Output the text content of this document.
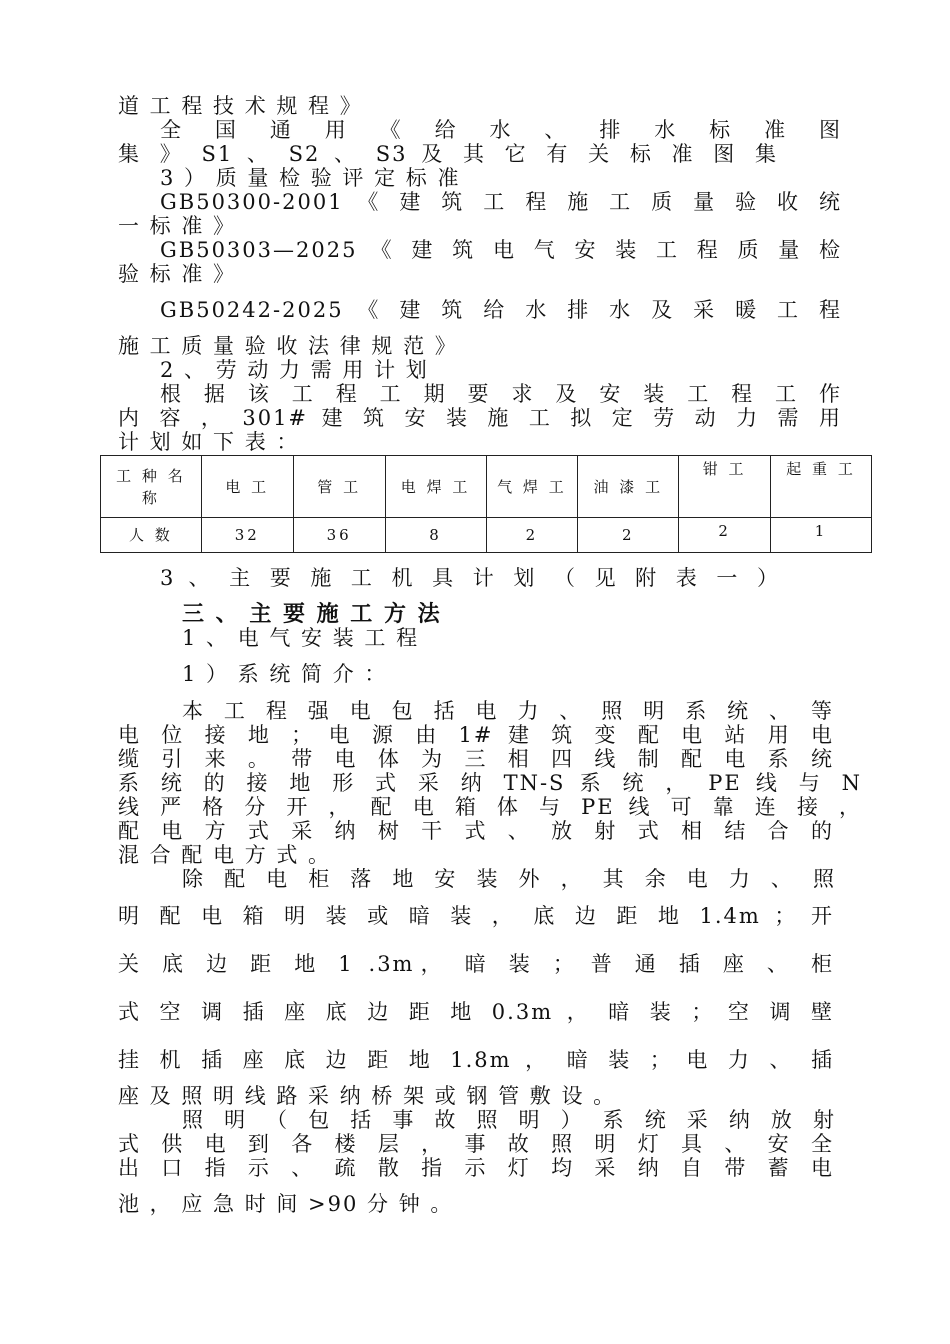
道 工 程 技 术 规 程 》
全 国 通 用 《 给 水 、 排 水 标 准 图
集 》 S1 、 S2 、 S3 及 其 它 有 关 标 准 图 集
3 ） 质 量 检 验 评 定 标 准
GB50300-2001 《 建 筑 工 程 施 工 质 量 验 收 统
一 标 准 》
GB50303—2025 《 建 筑 电 气 安 装 工 程 质 量 检
验 标 准 》
GB50242-2025 《 建 筑 给 水 排 水 及 采 暖 工 程
施 工 质 量 验 收 法 律 规 范 》
2 、 劳 动 力 需 用 计 划
根 据 该 工 程 工 期 要 求 及 安 装 工 程 工 作
内 容 ， 301# 建 筑 安 装 施 工 拟 定 劳 动 力 需 用
计 划 如 下 表 ：
工 种 名 称	电 工	管 工	电 焊 工	气 焊 工	油 漆 工	钳 工	起 重 工
人 数	32	36	8	2	2	2	1
3 、 主 要 施 工 机 具 计 划 （ 见 附 表 一 ）
三 、 主 要 施 工 方 法
1 、 电 气 安 装 工 程
1 ） 系 统 简 介 ：
本 工 程 强 电 包 括 电 力 、 照 明 系 统 、 等
电 位 接 地 ； 电 源 由 1# 建 筑 变 配 电 站 用 电
缆 引 来 。 带 电 体 为 三 相 四 线 制 配 电 系 统
系 统 的 接 地 形 式 采 纳 TN-S 系 统 ， PE 线 与 N
线 严 格 分 开 ， 配 电 箱 体 与 PE 线 可 靠 连 接 ，
配 电 方 式 采 纳 树 干 式 、 放 射 式 相 结 合 的
混 合 配 电 方 式 。
除 配 电 柜 落 地 安 装 外 ， 其 余 电 力 、 照
明 配 电 箱 明 装 或 暗 装 ， 底 边 距 地 1.4m ； 开
关 底 边 距 地 1 .3m， 暗 装 ； 普 通 插 座 、 柜
式 空 调 插 座 底 边 距 地 0.3m ， 暗 装 ； 空 调 壁
挂 机 插 座 底 边 距 地 1.8m ， 暗 装 ； 电 力 、 插
座 及 照 明 线 路 采 纳 桥 架 或 钢 管 敷 设 。
照 明 （ 包 括 事 故 照 明 ） 系 统 采 纳 放 射
式 供 电 到 各 楼 层 ， 事 故 照 明 灯 具 、 安 全
出 口 指 示 、 疏 散 指 示 灯 均 采 纳 自 带 蓄 电
池 ， 应 急 时 间 >90 分 钟 。
